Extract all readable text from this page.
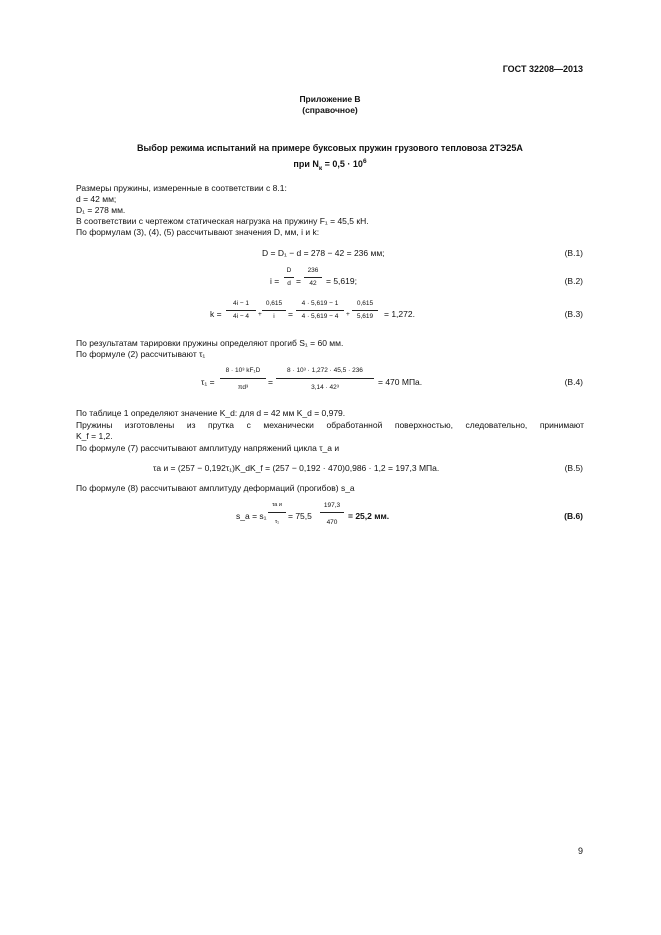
ГОСТ 32208—2013
Приложение В
(справочное)
Выбор режима испытаний на примере буксовых пружин грузового тепловоза 2ТЭ25А
при $N_к = 0,5 \cdot 10^6$
Размеры пружины, измеренные в соответствии с 8.1:
d = 42 мм;
D₁ = 278 мм.
В соответствии с чертежом статическая нагрузка на пружину F₁ = 45,5 кН.
По формулам (3), (4), (5) рассчитывают значения D, мм, i и k:
D = D₁ − d = 278 − 42 = 236 мм;	(В.1)
i =
D
d =
236
42	= 5,619;	(В.2)
k =
4i − 1
4i − 4	+
0,615
i	=
4 · 5,619 − 1
4 · 5,619 − 4	+
0,615
5,619	= 1,272.	(В.3)
По результатам тарировки пружины определяют прогиб S₁ = 60 мм.
По формуле (2) рассчитывают τ₁
τ₁ =
8 · 10³ kF₁D
πd³
=
8 · 10³ · 1,272 · 45,5 · 236
3,14 · 42³
= 470 МПа.	(В.4)
По таблице 1 определяют значение K_d: для d = 42 мм K_d = 0,979.
Пружины изготовлены из прутка с механически обработанной поверхностью, следовательно, принимают
K_f = 1,2.
По формуле (7) рассчитывают амплитуду напряжений цикла τ_а и
τа и = (257 − 0,192τ₁)K_dK_f = (257 − 0,192 · 470)0,986 · 1,2 = 197,3 МПа.	(В.5)
По формуле (8) рассчитывают амплитуду деформаций (прогибов) s_a
s_a = s₁
τа и
τ₁
= 75,5
197,3
470
= 25,2 мм.	(В.6)
9
